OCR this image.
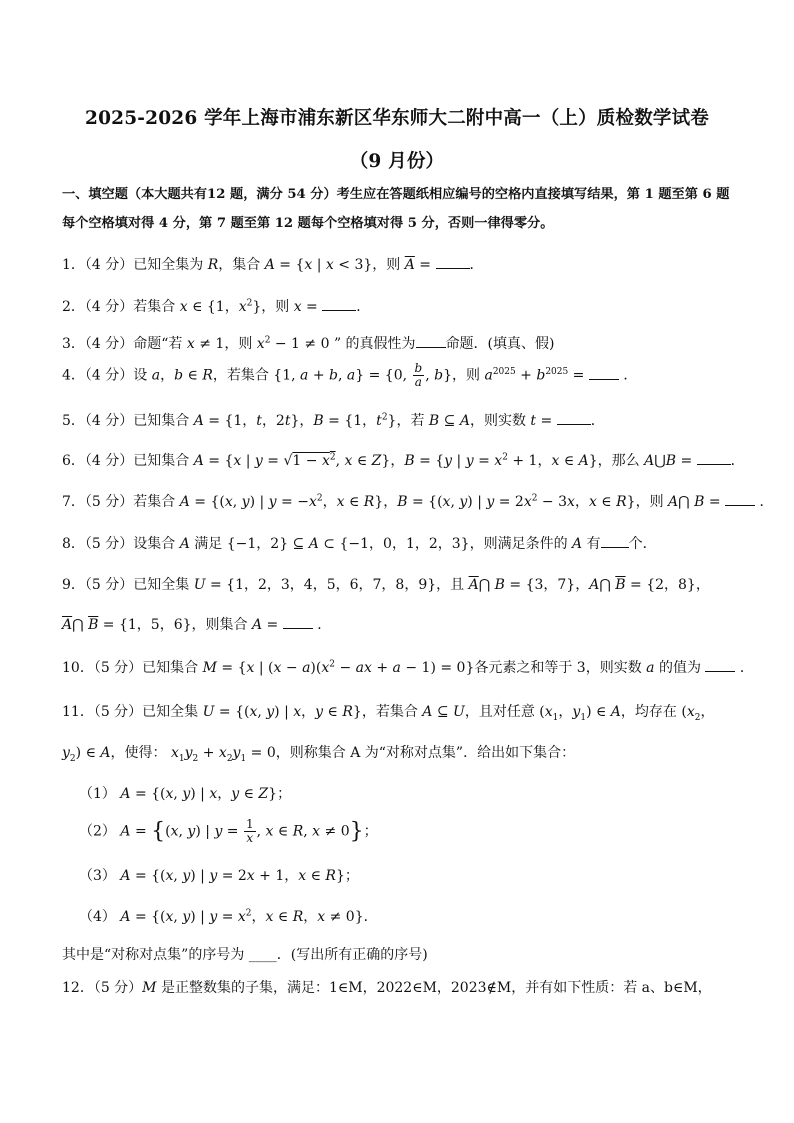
2025-2026 学年上海市浦东新区华东师大二附中高一（上）质检数学试卷
（9 月份）
一、填空题（本大题共有12 题，满分 54 分）考生应在答题纸相应编号的空格内直接填写结果，第 1 题至第 6 题每个空格填对得 4 分，第 7 题至第 12 题每个空格填对得 5 分，否则一律得零分。
1．（4 分）已知全集为 R，集合 A = {x | x < 3}，则 $\overline{A}$ = ．
2．（4 分）若集合 x ∈ {1，$x^2$}，则 x = ．
3．（4 分）命题“若 x ≠ 1，则 $x^2 - 1 \ne 0$ ” 的真假性为 命题．(填真、假)
4．（4 分）设 a，b ∈ R，若集合 {1, a + b, a} = {0, $\frac{b}{a}$ , b}，则 $a^{2025} + b^{2025}$ =  ．
5．（4 分）已知集合 A = {1，t，2t}，B = {1，$t^2$}，若 B ⊆ A，则实数 t = ．
6．（4 分）已知集合 A = {x | $y = √1 - x^2$, x ∈ Z}，B = {y | $y = x^2 + 1$，x ∈ A}，那么 A⋃B = ．
7．（5 分）若集合 A = {(x, y) | $y = -x^2$，x ∈ R}，B = {(x, y) | $y = 2x^2 - 3x$，x ∈ R}，则 A⋂ B =  ．
8．（5 分）设集合 A 满足 {−1，2} ⊆ A ⊂ {−1，0，1，2，3}，则满足条件的 A 有 个．
9．（5 分）已知全集 U = {1，2，3，4，5，6，7，8，9}，且 $\overline{A}⋂$ B = {3，7}，A⋂ $\overline{B} = \{2$，8}，
$\overline{A}⋂$ $\overline{B} = \{1$，5，6}，则集合 A =  ．
10．（5 分）已知集合 M = {x | $(x - a)(x^2$ − ax + a − 1) = 0}各元素之和等于 3，则实数 a 的值为  ．
11．（5 分）已知全集 U = {(x, y) | x，y ∈ R}，若集合 A ⊆ U，且对任意 ($x_1$，$y_1$) ∈ A，均存在 ($x_2$，
$y_2$) ∈ A，使得： $x_1y_2 + x_2y_1 = 0$，则称集合 A 为“对称对点集”．给出如下集合：
（1） A = {(x, y) | x，y ∈ Z}；
（2） A = {(x, y) | $y = \frac{1}{x}$ , x ∈ R, x ≠ 0}；
（3） A = {(x, y) | y = 2x + 1，x ∈ R}；
（4） A = {(x, y) | $y = x^2$，x ∈ R，x ≠ 0}．
其中是“对称对点集”的序号为 ____．(写出所有正确的序号)
12．（5 分）M 是正整数集的子集，满足：1∈M，2022∈M，2023∉M，并有如下性质：若 a、b∈M，
